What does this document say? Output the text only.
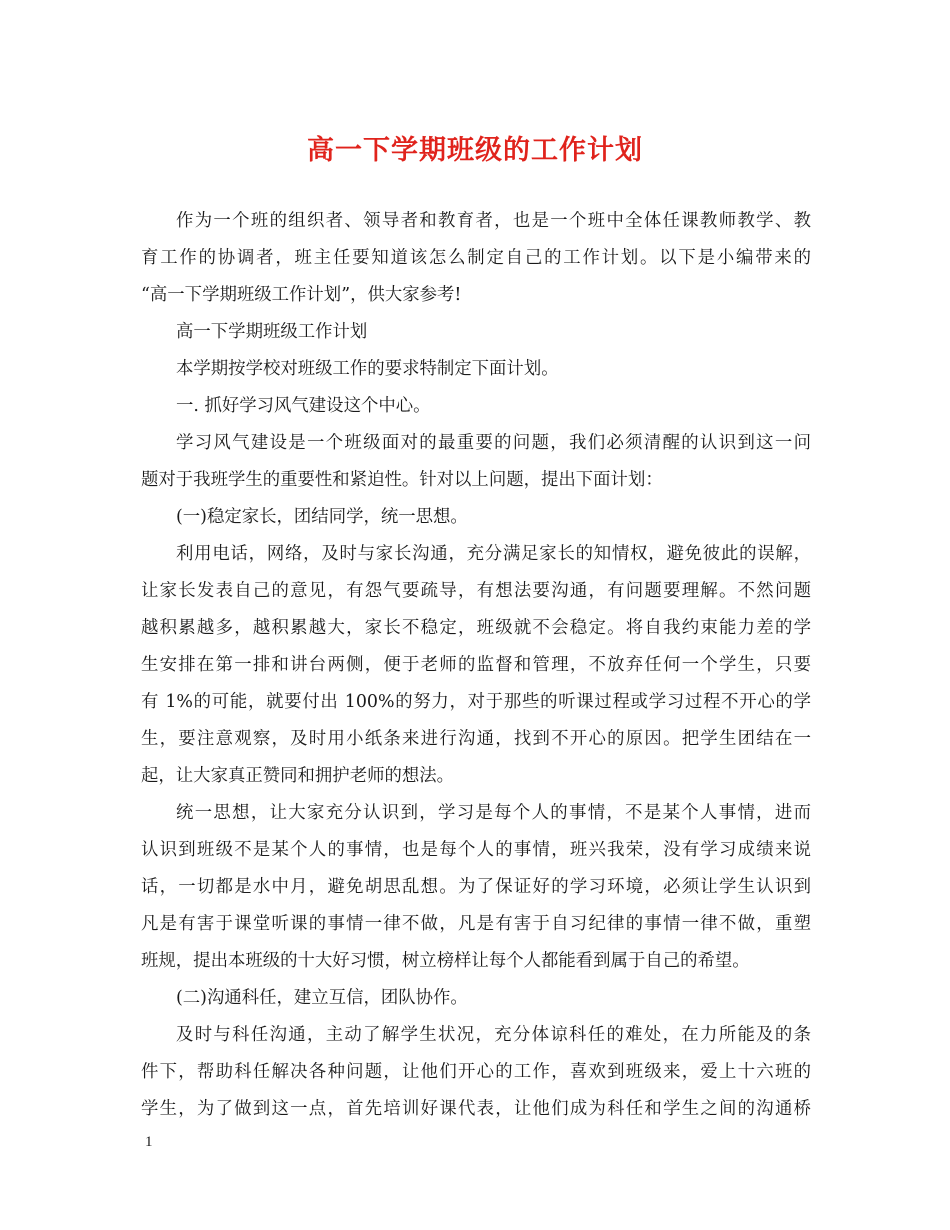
高一下学期班级的工作计划
作为一个班的组织者、领导者和教育者，也是一个班中全体任课教师教学、教
育工作的协调者，班主任要知道该怎么制定自己的工作计划。以下是小编带来的
“高一下学期班级工作计划”，供大家参考!
高一下学期班级工作计划
本学期按学校对班级工作的要求特制定下面计划。
一. 抓好学习风气建设这个中心。
学习风气建设是一个班级面对的最重要的问题，我们必须清醒的认识到这一问
题对于我班学生的重要性和紧迫性。针对以上问题，提出下面计划：
(一)稳定家长，团结同学，统一思想。
利用电话，网络，及时与家长沟通，充分满足家长的知情权，避免彼此的误解，
让家长发表自己的意见，有怨气要疏导，有想法要沟通，有问题要理解。不然问题
越积累越多，越积累越大，家长不稳定，班级就不会稳定。将自我约束能力差的学
生安排在第一排和讲台两侧，便于老师的监督和管理，不放弃任何一个学生，只要
有 1%的可能，就要付出 100%的努力，对于那些的听课过程或学习过程不开心的学
生，要注意观察，及时用小纸条来进行沟通，找到不开心的原因。把学生团结在一
起，让大家真正赞同和拥护老师的想法。
统一思想，让大家充分认识到，学习是每个人的事情，不是某个人事情，进而
认识到班级不是某个人的事情，也是每个人的事情，班兴我荣，没有学习成绩来说
话，一切都是水中月，避免胡思乱想。为了保证好的学习环境，必须让学生认识到
凡是有害于课堂听课的事情一律不做，凡是有害于自习纪律的事情一律不做，重塑
班规，提出本班级的十大好习惯，树立榜样让每个人都能看到属于自己的希望。
(二)沟通科任，建立互信，团队协作。
及时与科任沟通，主动了解学生状况，充分体谅科任的难处，在力所能及的条
件下，帮助科任解决各种问题，让他们开心的工作，喜欢到班级来，爱上十六班的
学生，为了做到这一点，首先培训好课代表，让他们成为科任和学生之间的沟通桥
1
